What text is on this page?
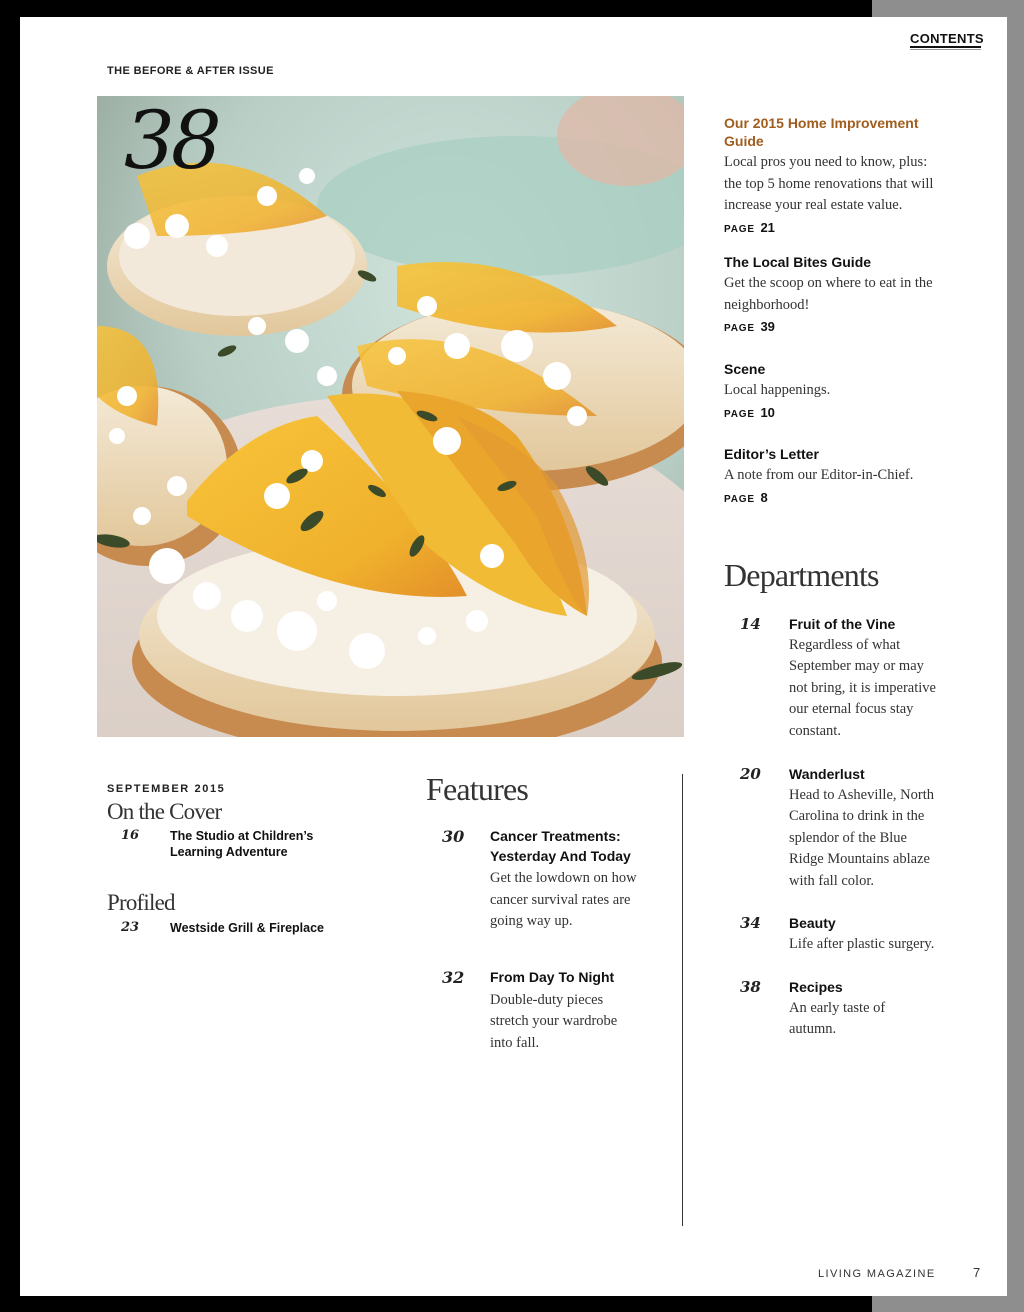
CONTENTS
THE BEFORE & AFTER ISSUE
38	Our 2015 Home Improvement Guide
Local pros you need to know, plus: the top 5 home renovations that will increase your real estate value.
PAGE 21
The Local Bites Guide
Get the scoop on where to eat in the neighborhood!
PAGE 39
Scene
Local happenings.
PAGE 10
Editor’s Letter
A note from our Editor-in-Chief.
PAGE 8
Departments
14 Fruit of the Vine
Regardless of what September may or may not bring, it is imperative our eternal focus stay constant.
20 Wanderlust
Head to Asheville, North Carolina to drink in the splendor of the Blue Ridge Mountains ablaze with fall color.
34 Beauty
Life after plastic surgery.
38 Recipes
An early taste of autumn.
SEPTEMBER 2015
On the Cover
16 The Studio at Children’s Learning Adventure
Profiled
23 Westside Grill & Fireplace
Features
30 Cancer Treatments: Yesterday And Today
Get the lowdown on how cancer survival rates are going way up.
32 From Day To Night
Double-duty pieces stretch your wardrobe into fall.
LIVING MAGAZINE	7
